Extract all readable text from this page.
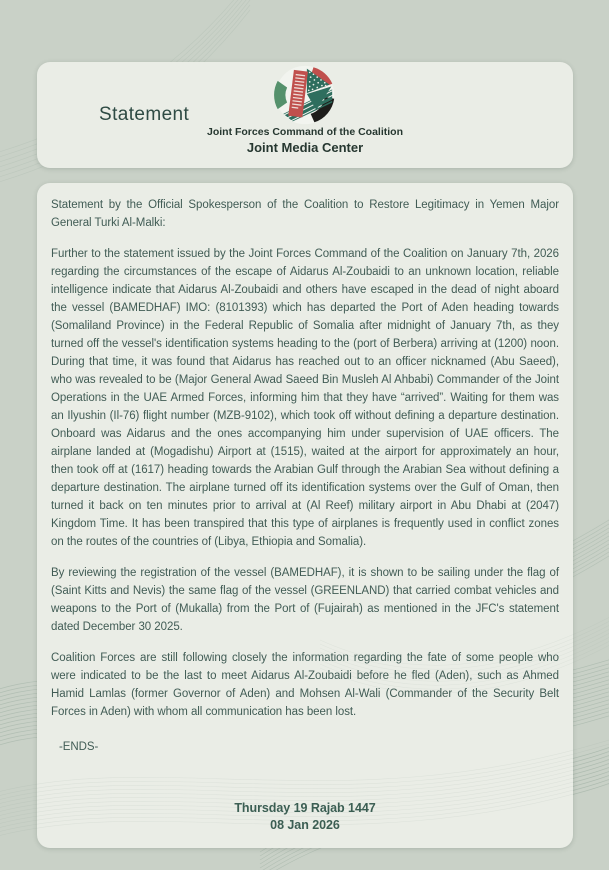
Statement
Joint Forces Command of the Coalition
Joint Media Center

Statement by the Official Spokesperson of the Coalition to Restore Legitimacy in Yemen Major General Turki Al-Malki:

Further to the statement issued by the Joint Forces Command of the Coalition on January 7th, 2026 regarding the circumstances of the escape of Aidarus Al-Zoubaidi to an unknown location, reliable intelligence indicate that Aidarus Al-Zoubaidi and others have escaped in the dead of night aboard the vessel (BAMEDHAF) IMO: (8101393) which has departed the Port of Aden heading towards (Somaliland Province) in the Federal Republic of Somalia after midnight of January 7th, as they turned off the vessel's identification systems heading to the (port of Berbera) arriving at (1200) noon. During that time, it was found that Aidarus has reached out to an officer nicknamed (Abu Saeed), who was revealed to be (Major General Awad Saeed Bin Musleh Al Ahbabi) Commander of the Joint Operations in the UAE Armed Forces, informing him that they have “arrived”. Waiting for them was an Ilyushin (Il-76) flight number (MZB-9102), which took off without defining a departure destination. Onboard was Aidarus and the ones accompanying him under supervision of UAE officers. The airplane landed at (Mogadishu) Airport at (1515), waited at the airport for approximately an hour, then took off at (1617) heading towards the Arabian Gulf through the Arabian Sea without defining a departure destination. The airplane turned off its identification systems over the Gulf of Oman, then turned it back on ten minutes prior to arrival at (Al Reef) military airport in Abu Dhabi at (2047) Kingdom Time. It has been transpired that this type of airplanes is frequently used in conflict zones on the routes of the countries of (Libya, Ethiopia and Somalia).

By reviewing the registration of the vessel (BAMEDHAF), it is shown to be sailing under the flag of (Saint Kitts and Nevis) the same flag of the vessel (GREENLAND) that carried combat vehicles and weapons to the Port of (Mukalla) from the Port of (Fujairah) as mentioned in the JFC's statement dated December 30 2025.

Coalition Forces are still following closely the information regarding the fate of some people who were indicated to be the last to meet Aidarus Al-Zoubaidi before he fled (Aden), such as Ahmed Hamid Lamlas (former Governor of Aden) and Mohsen Al-Wali (Commander of the Security Belt Forces in Aden) with whom all communication has been lost.

-ENDS-
Thursday 19 Rajab 1447
08 Jan 2026
